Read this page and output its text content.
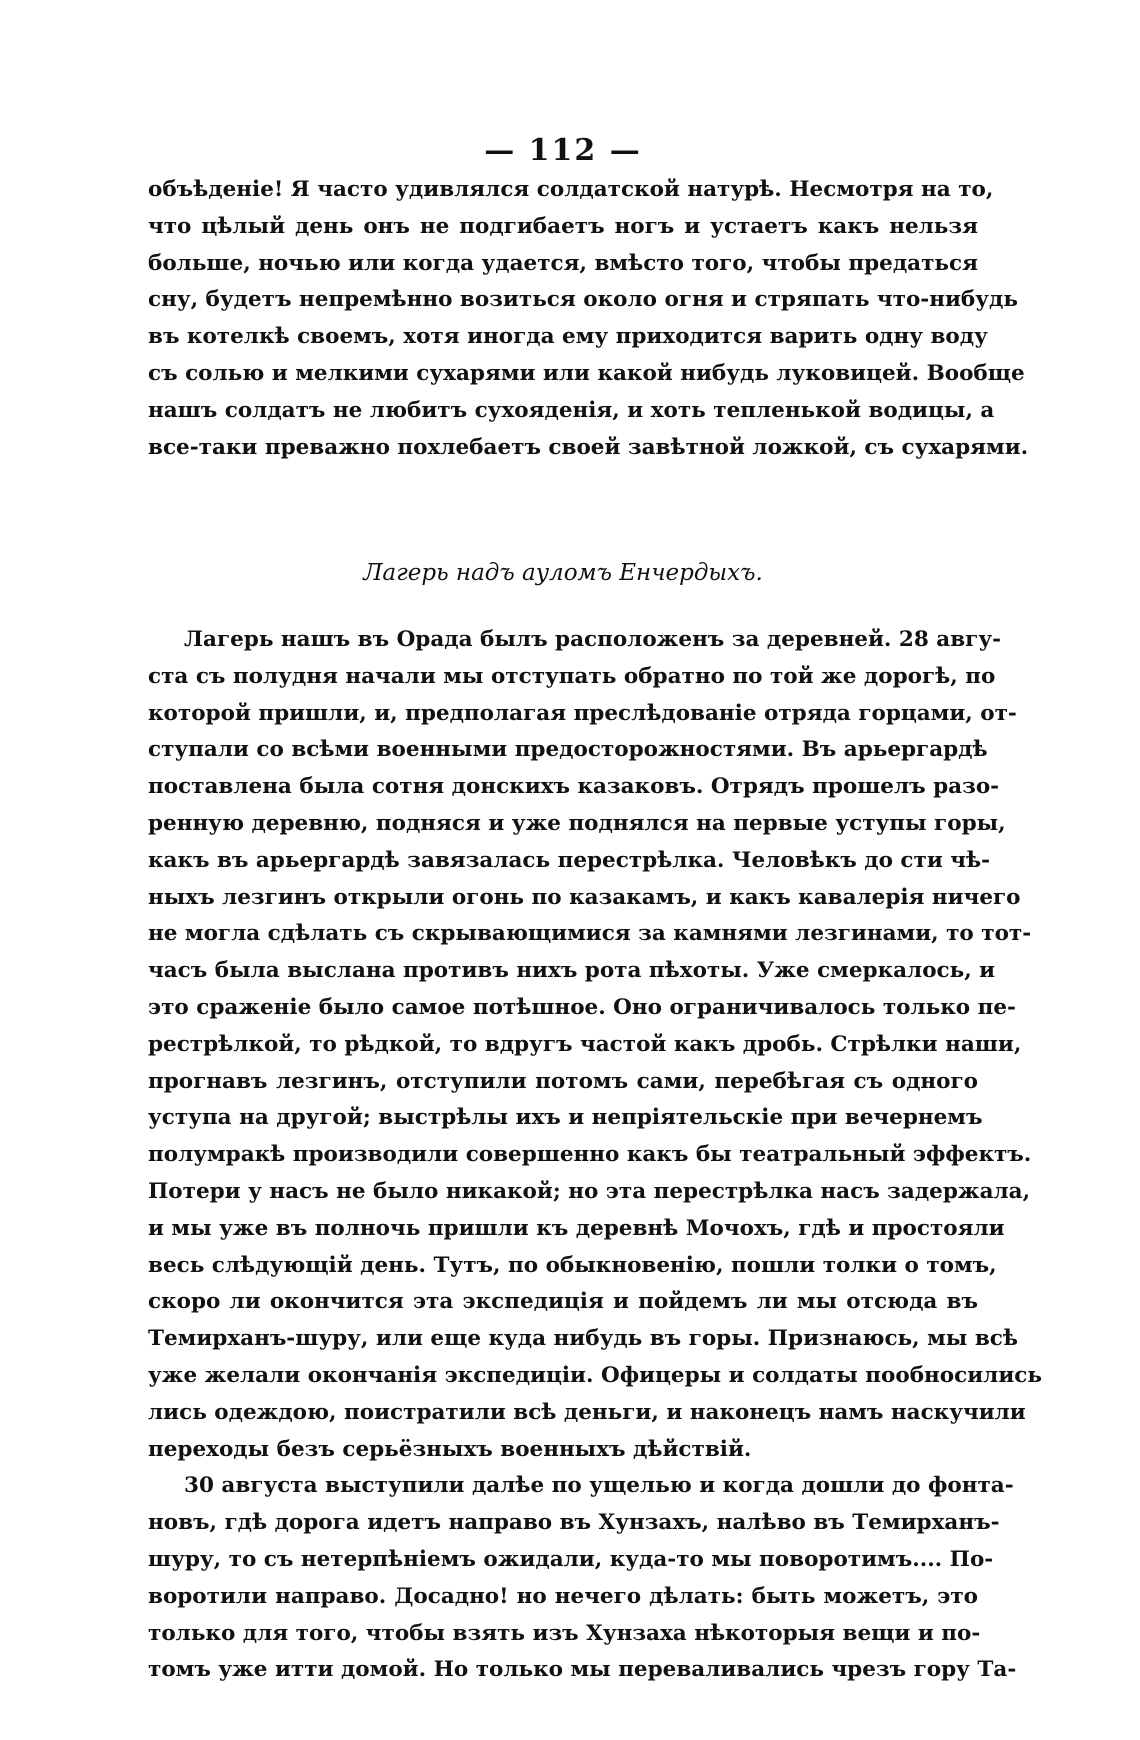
— 112 —
объѣденіе! Я часто удивлялся солдатской натурѣ. Несмотря на то,
что цѣлый день онъ не подгибаетъ ногъ и устаетъ какъ нельзя
больше, ночью или когда удается, вмѣсто того, чтобы предаться
сну, будетъ непремѣнно возиться около огня и стряпать что-нибудь
въ котелкѣ своемъ, хотя иногда ему приходится варить одну воду
съ солью и мелкими сухарями или какой нибудь луковицей. Вообще
нашъ солдатъ не любитъ сухояденія, и хоть тепленькой водицы, а
все-таки преважно похлебаетъ своей завѣтной ложкой, съ сухарями.
Лагерь надъ ауломъ Енчердыхъ.
Лагерь нашъ въ Орада былъ расположенъ за деревней. 28 авгу-
ста съ полудня начали мы отступать обратно по той же дорогѣ, по
которой пришли, и, предполагая преслѣдованіе отряда горцами, от-
ступали со всѣми военными предосторожностями. Въ арьергардѣ
поставлена была сотня донскихъ казаковъ. Отрядъ прошелъ разо-
ренную деревню, подняся и уже поднялся на первые уступы горы,
какъ въ арьергардѣ завязалась перестрѣлка. Человѣкъ до сти чѣ-
ныхъ лезгинъ открыли огонь по казакамъ, и какъ кавалерія ничего
не могла сдѣлать съ скрывающимися за камнями лезгинами, то тот-
часъ была выслана противъ нихъ рота пѣхоты. Уже смеркалось, и
это сраженіе было самое потѣшное. Оно ограничивалось только пе-
рестрѣлкой, то рѣдкой, то вдругъ частой какъ дробь. Стрѣлки наши,
прогнавъ лезгинъ, отступили потомъ сами, перебѣгая съ одного
уступа на другой; выстрѣлы ихъ и непріятельскіе при вечернемъ
полумракѣ производили совершенно какъ бы театральный эффектъ.
Потери у насъ не было никакой; но эта перестрѣлка насъ задержала,
и мы уже въ полночь пришли къ деревнѣ Мочохъ, гдѣ и простояли
весь слѣдующій день. Тутъ, по обыкновенію, пошли толки о томъ,
скоро ли окончится эта экспедиція и пойдемъ ли мы отсюда въ
Темирханъ-шуру, или еще куда нибудь въ горы. Признаюсь, мы всѣ
уже желали окончанія экспедиціи. Офицеры и солдаты пообносились
лись одеждою, поистратили всѣ деньги, и наконецъ намъ наскучили
переходы безъ серьёзныхъ военныхъ дѣйствій.
30 августа выступили далѣе по ущелью и когда дошли до фонта-
новъ, гдѣ дорога идетъ направо въ Хунзахъ, налѣво въ Темирханъ-
шуру, то съ нетерпѣніемъ ожидали, куда-то мы поворотимъ.... По-
воротили направо. Досадно! но нечего дѣлать: быть можетъ, это
только для того, чтобы взять изъ Хунзаха нѣкоторыя вещи и по-
томъ уже итти домой. Но только мы переваливались чрезъ гору Та-
